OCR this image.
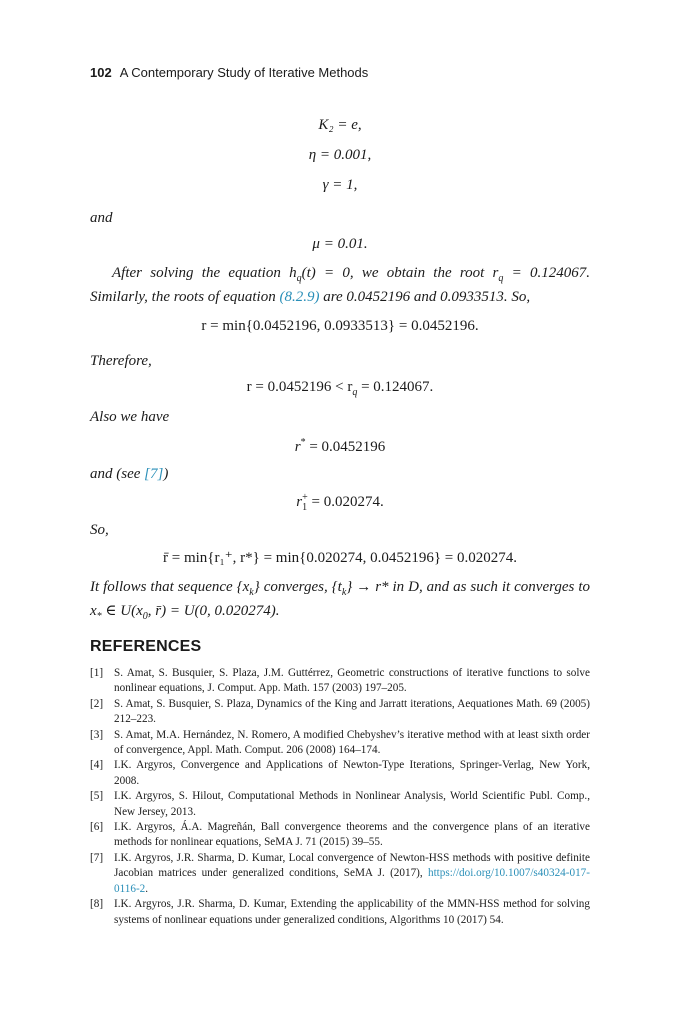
102 A Contemporary Study of Iterative Methods
K₂ = e,
η = 0.001,
γ = 1,
and
μ = 0.01.
After solving the equation $h_q(t) = 0$, we obtain the root $r_q = 0.124067$. Similarly, the roots of equation (8.2.9) are 0.0452196 and 0.0933513. So,
r = min{0.0452196, 0.0933513} = 0.0452196.
Therefore,
$r = 0.0452196 < r_q = 0.124067$.
Also we have
r* = 0.0452196
and (see [7])
$r_1^+ = 0.020274$.
So,
r̄ = min{r₁⁺, r*} = min{0.020274, 0.0452196} = 0.020274.
It follows that sequence $\{x_k\}$ converges, $\{t_k\} \to r*$ in D, and as such it converges to $x_*$ ∈ $U(x_0$, r̄) = U(0, 0.020274).
REFERENCES
[1] S. Amat, S. Busquier, S. Plaza, J.M. Guttérrez, Geometric constructions of iterative functions to solve nonlinear equations, J. Comput. App. Math. 157 (2003) 197–205.
[2] S. Amat, S. Busquier, S. Plaza, Dynamics of the King and Jarratt iterations, Aequationes Math. 69 (2005) 212–223.
[3] S. Amat, M.A. Hernández, N. Romero, A modified Chebyshev’s iterative method with at least sixth order of convergence, Appl. Math. Comput. 206 (2008) 164–174.
[4] I.K. Argyros, Convergence and Applications of Newton-Type Iterations, Springer-Verlag, New York, 2008.
[5] I.K. Argyros, S. Hilout, Computational Methods in Nonlinear Analysis, World Scientific Publ. Comp., New Jersey, 2013.
[6] I.K. Argyros, Á.A. Magreñán, Ball convergence theorems and the convergence plans of an iterative methods for nonlinear equations, SeMA J. 71 (2015) 39–55.
[7] I.K. Argyros, J.R. Sharma, D. Kumar, Local convergence of Newton-HSS methods with positive definite Jacobian matrices under generalized conditions, SeMA J. (2017), https://doi.org/10.1007/s40324-017-0116-2.
[8] I.K. Argyros, J.R. Sharma, D. Kumar, Extending the applicability of the MMN-HSS method for solving systems of nonlinear equations under generalized conditions, Algorithms 10 (2017) 54.
